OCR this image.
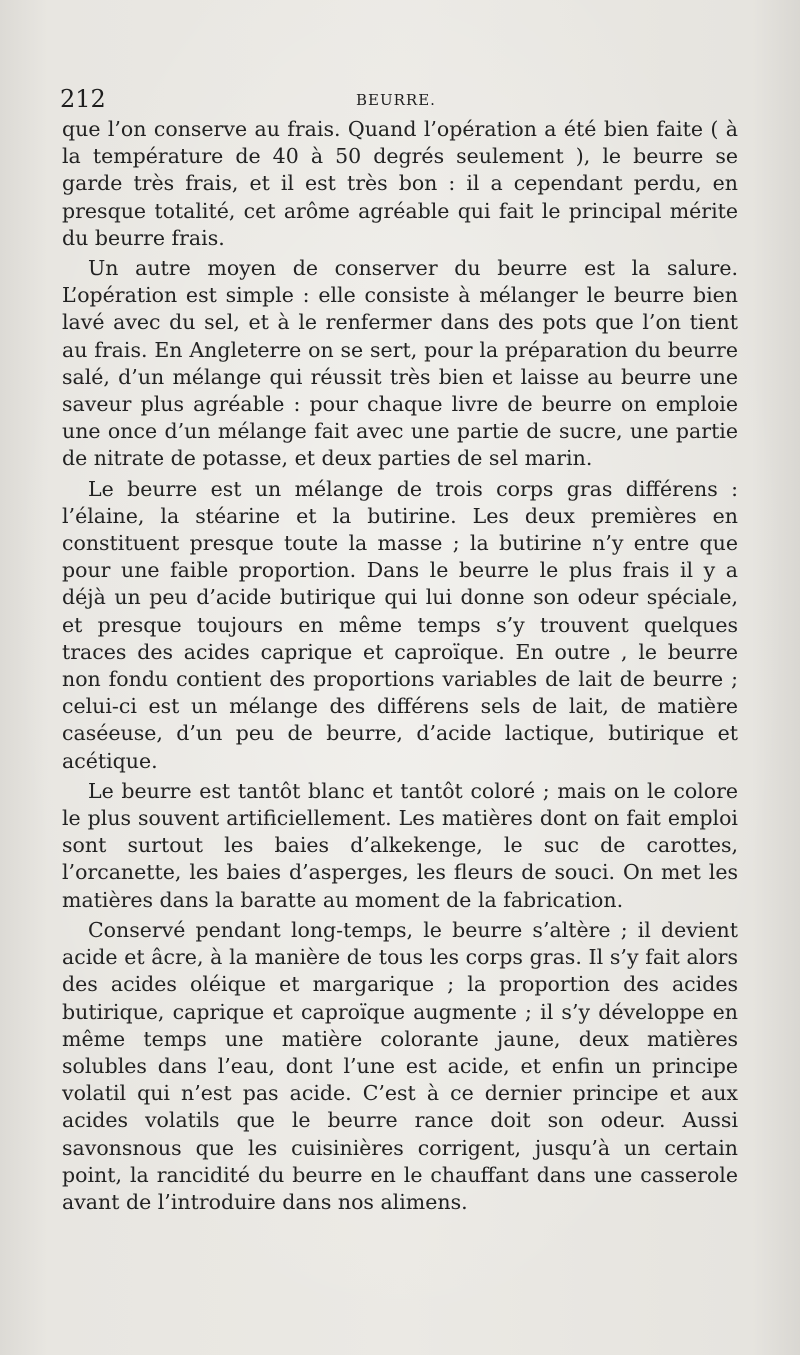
212	BEURRE.

que l’on conserve au frais. Quand l’opération a été bien faite ( à la température de 40 à 50 degrés seulement ), le beurre se garde très frais, et il est très bon : il a cependant perdu, en presque totalité, cet arôme agréable qui fait le principal mérite du beurre frais.

Un autre moyen de conserver du beurre est la salure. L’opération est simple : elle consiste à mélanger le beurre bien lavé avec du sel, et à le renfermer dans des pots que l’on tient au frais. En Angleterre on se sert, pour la préparation du beurre salé, d’un mélange qui réussit très bien et laisse au beurre une saveur plus agréable : pour chaque livre de beurre on emploie une once d’un mélange fait avec une partie de sucre, une partie de nitrate de potasse, et deux parties de sel marin.

Le beurre est un mélange de trois corps gras différens : l’élaine, la stéarine et la butirine. Les deux premières en constituent presque toute la masse ; la butirine n’y entre que pour une faible proportion. Dans le beurre le plus frais il y a déjà un peu d’acide butirique qui lui donne son odeur spéciale, et presque toujours en même temps s’y trouvent quelques traces des acides caprique et caproïque. En outre , le beurre non fondu contient des proportions variables de lait de beurre ; celui-ci est un mélange des différens sels de lait, de matière caséeuse, d’un peu de beurre, d’acide lactique, butirique et acétique.

Le beurre est tantôt blanc et tantôt coloré ; mais on le colore le plus souvent artificiellement. Les matières dont on fait emploi sont surtout les baies d’alkekenge, le suc de carottes, l’orcanette, les baies d’asperges, les fleurs de souci. On met les matières dans la baratte au moment de la fabrication.

Conservé pendant long-temps, le beurre s’altère ; il devient acide et âcre, à la manière de tous les corps gras. Il s’y fait alors des acides oléique et margarique ; la proportion des acides butirique, caprique et caproïque augmente ; il s’y développe en même temps une matière colorante jaune, deux matières solubles dans l’eau, dont l’une est acide, et enfin un principe volatil qui n’est pas acide. C’est à ce dernier principe et aux acides volatils que le beurre rance doit son odeur. Aussi savonsnous que les cuisinières corrigent, jusqu’à un certain point, la rancidité du beurre en le chauffant dans une casserole avant de l’introduire dans nos alimens.
